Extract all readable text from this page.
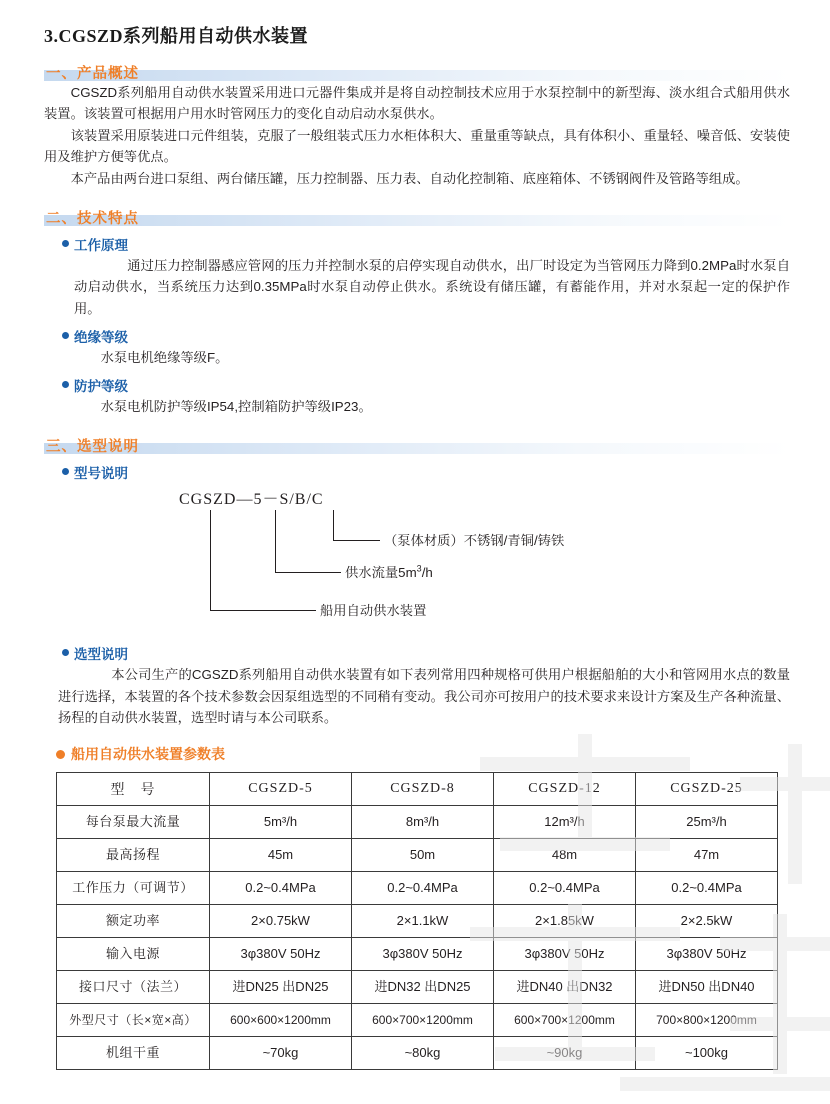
3.CGSZD系列船用自动供水装置
一、产品概述

CGSZD系列船用自动供水装置采用进口元器件集成并是将自动控制技术应用于水泵控制中的新型海、淡水组合式船用供水装置。该装置可根据用户用水时管网压力的变化自动启动水泵供水。

该装置采用原装进口元件组装，克服了一般组装式压力水柜体积大、重量重等缺点，具有体积小、重量轻、噪音低、安装使用及维护方便等优点。

本产品由两台进口泵组、两台储压罐，压力控制器、压力表、自动化控制箱、底座箱体、不锈钢阀件及管路等组成。

二、技术特点
工作原理

通过压力控制器感应管网的压力并控制水泵的启停实现自动供水，出厂时设定为当管网压力降到0.2MPa时水泵自动启动供水，当系统压力达到0.35MPa时水泵自动停止供水。系统设有储压罐，有蓄能作用，并对水泵起一定的保护作用。

绝缘等级

水泵电机绝缘等级F。

防护等级

水泵电机防护等级IP54,控制箱防护等级IP23。

三、选型说明
型号说明
CGSZD—5－S/B/C
（泵体材质）不锈钢/青铜/铸铁
供水流量$5m^3/h$
船用自动供水装置
选型说明

本公司生产的CGSZD系列船用自动供水装置有如下表列常用四种规格可供用户根据船舶的大小和管网用水点的数量进行选择，本装置的各个技术参数会因泵组选型的不同稍有变动。我公司亦可按用户的技术要求来设计方案及生产各种流量、扬程的自动供水装置，选型时请与本公司联系。

船用自动供水装置参数表
型　号	CGSZD-5	CGSZD-8	CGSZD-12	CGSZD-25
每台泵最大流量	5m³/h	8m³/h	12m³/h	25m³/h
最高扬程	45m	50m	48m	47m
工作压力（可调节）	0.2~0.4MPa	0.2~0.4MPa	0.2~0.4MPa	0.2~0.4MPa
额定功率	2×0.75kW	2×1.1kW	2×1.85kW	2×2.5kW
输入电源	3φ380V 50Hz	3φ380V 50Hz	3φ380V 50Hz	3φ380V 50Hz
接口尺寸（法兰）	进DN25 出DN25	进DN32 出DN25	进DN40 出DN32	进DN50 出DN40
外型尺寸（长×宽×高）	600×600×1200mm	600×700×1200mm	600×700×1200mm	700×800×1200mm
机组干重	~70kg	~80kg	~90kg	~100kg
